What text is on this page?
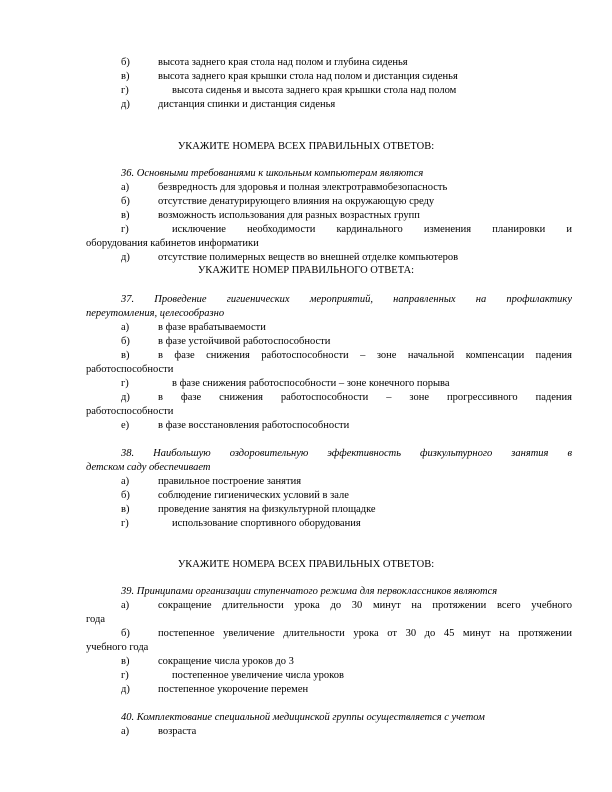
б)	высота заднего края стола над полом и глубина сиденья
в)	высота заднего края крышки стола над полом и дистанция сиденья
г)	высота сиденья и высота заднего края крышки стола над полом
д)	дистанция спинки и дистанция сиденья
УКАЖИТЕ НОМЕРА ВСЕХ ПРАВИЛЬНЫХ ОТВЕТОВ:
36. Основными требованиями к школьным компьютерам являются
а)	безвредность для здоровья и полная электротравмобезопасность
б)	отсутствие денатурирующего влияния на окружающую среду
в)	возможность использования для разных возрастных групп
г)	исключение необходимости кардинального изменения планировки и
оборудования кабинетов информатики
д)	отсутствие полимерных веществ во внешней отделке компьютеров
УКАЖИТЕ НОМЕР ПРАВИЛЬНОГО ОТВЕТА:
37. Проведение гигиенических мероприятий, направленных на профилактику
переутомления, целесообразно
а)	в фазе врабатываемости
б)	в фазе устойчивой работоспособности
в)	в фазе снижения работоспособности – зоне начальной компенсации падения
работоспособности
г)	в фазе снижения работоспособности – зоне конечного порыва
д)	в фазе снижения работоспособности – зоне прогрессивного падения
работоспособности
е)	в фазе восстановления работоспособности
38. Наибольшую оздоровительную эффективность физкультурного занятия в
детском саду обеспечивает
а)	правильное построение занятия
б)	соблюдение гигиенических условий в зале
в)	проведение занятия на физкультурной площадке
г)	использование спортивного оборудования
УКАЖИТЕ НОМЕРА ВСЕХ ПРАВИЛЬНЫХ ОТВЕТОВ:
39. Принципами организации ступенчатого режима для первоклассников являются
а)	сокращение длительности урока до 30 минут на протяжении всего учебного
года
б)	постепенное увеличение длительности урока от 30 до 45 минут на протяжении
учебного года
в)	сокращение числа уроков до 3
г)	постепенное увеличение числа уроков
д)	постепенное укорочение перемен
40. Комплектование специальной медицинской группы осуществляется с учетом
а)	возраста
